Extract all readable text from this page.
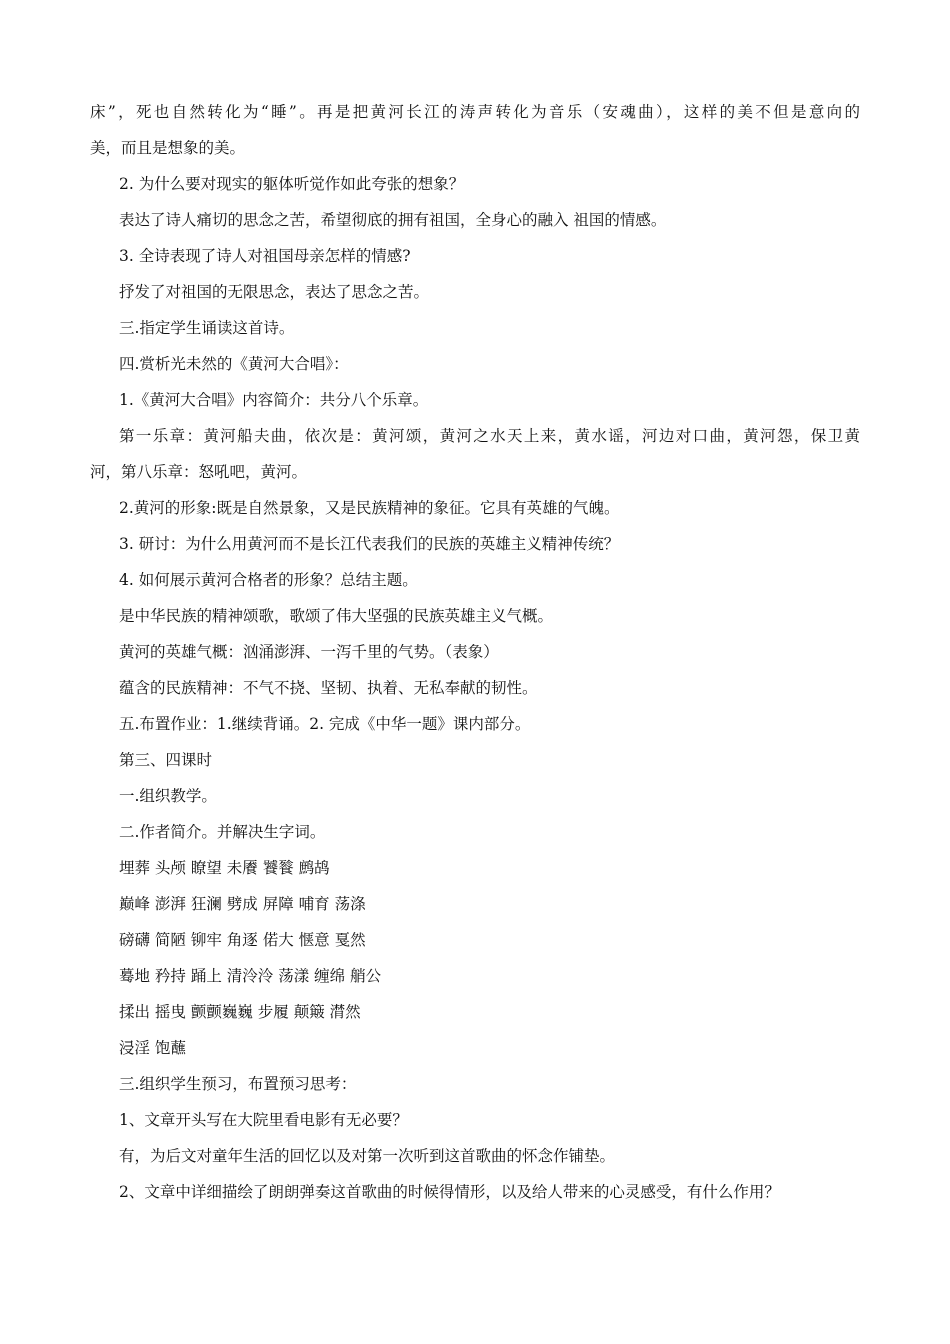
床”，死也自然转化为“睡”。再是把黄河长江的涛声转化为音乐（安魂曲），这样的美不但是意向的
美，而且是想象的美。
2. 为什么要对现实的躯体听觉作如此夸张的想象？
表达了诗人痛切的思念之苦，希望彻底的拥有祖国，全身心的融入 祖国的情感。
3. 全诗表现了诗人对祖国母亲怎样的情感?
抒发了对祖国的无限思念，表达了思念之苦。
三.指定学生诵读这首诗。
四.赏析光未然的《黄河大合唱》：
1.《黄河大合唱》内容简介：共分八个乐章。
第一乐章：黄河船夫曲，依次是：黄河颂，黄河之水天上来，黄水谣，河边对口曲，黄河怨，保卫黄
河，第八乐章：怒吼吧，黄河。
2.黄河的形象:既是自然景象，又是民族精神的象征。它具有英雄的气魄。
3. 研讨：为什么用黄河而不是长江代表我们的民族的英雄主义精神传统？
4. 如何展示黄河合格者的形象？总结主题。
是中华民族的精神颂歌，歌颂了伟大坚强的民族英雄主义气概。
黄河的英雄气概：汹涌澎湃、一泻千里的气势。（表象）
蕴含的民族精神：不气不挠、坚韧、执着、无私奉献的韧性。
五.布置作业：1.继续背诵。2. 完成《中华一题》课内部分。
第三、四课时
一.组织教学。
二.作者简介。并解决生字词。
埋葬 头颅 瞭望 未餍 饕餮 鹧鸪
巅峰 澎湃 狂澜 劈成 屏障 哺育 荡涤
磅礴 简陋 铆牢 角逐 偌大 惬意 戛然
蓦地 矜持 踊上 清泠泠 荡漾 缠绵 艄公
揉出 摇曳 颤颤巍巍 步履 颠簸 潸然
浸淫 饱蘸
三.组织学生预习，布置预习思考：
1、文章开头写在大院里看电影有无必要？
有，为后文对童年生活的回忆以及对第一次听到这首歌曲的怀念作铺垫。
2、文章中详细描绘了朗朗弹奏这首歌曲的时候得情形，以及给人带来的心灵感受，有什么作用？
